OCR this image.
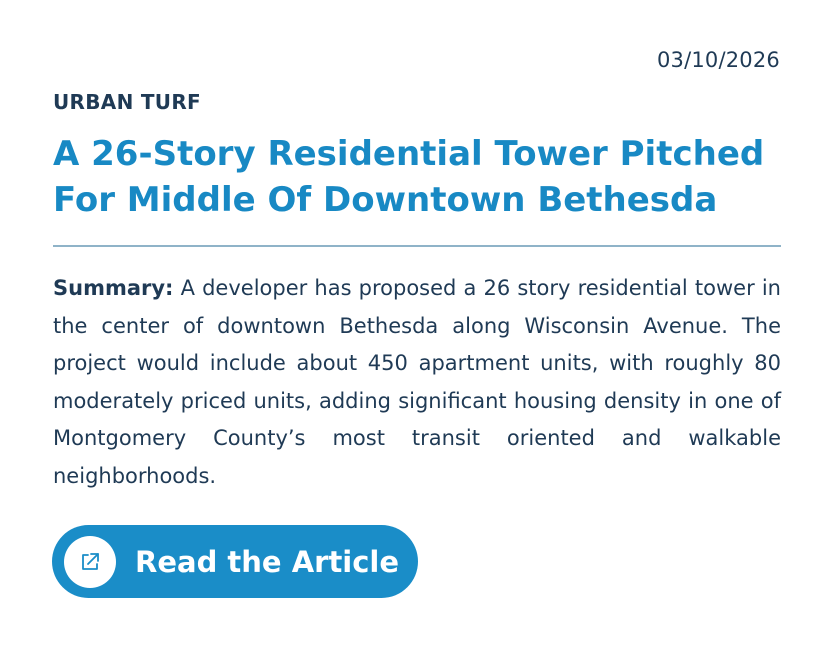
03/10/2026
URBAN TURF
A 26-Story Residential Tower Pitched For Middle Of Downtown Bethesda

Summary: A developer has proposed a 26 story residential tower in the center of downtown Bethesda along Wisconsin Avenue. The project would include about 450 apartment units, with roughly 80 moderately priced units, adding significant housing density in one of Montgomery County’s most transit oriented and walkable neighborhoods.

Read the Article
